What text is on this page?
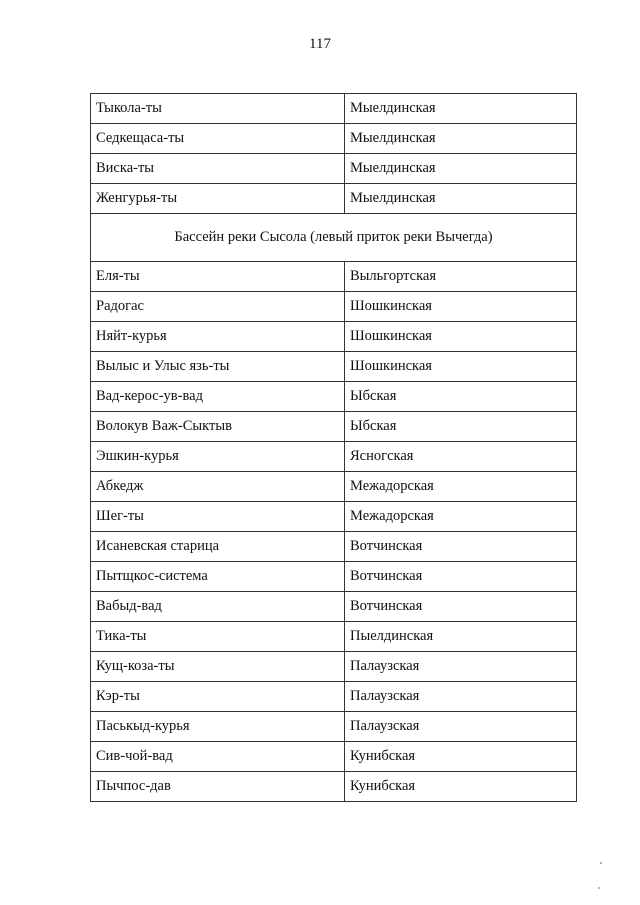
117
Тыкола-ты	Мыелдинская
Седкещаса-ты	Мыелдинская
Виска-ты	Мыелдинская
Женгурья-ты	Мыелдинская
Бассейн реки Сысола (левый приток реки Вычегда)	
Еля-ты	Выльгортская
Радогас	Шошкинская
Няйт-курья	Шошкинская
Вылыс и Улыс язь-ты	Шошкинская
Вад-керос-ув-вад	Ыбская
Волокув Важ-Сыктыв	Ыбская
Эшкин-курья	Ясногская
Абкедж	Межадорская
Шег-ты	Межадорская
Исаневская старица	Вотчинская
Пытщкос-система	Вотчинская
Вабыд-вад	Вотчинская
Тика-ты	Пыелдинская
Кущ-коза-ты	Палаузская
Кэр-ты	Палаузская
Паськыд-курья	Палаузская
Сив-чой-вад	Кунибская
Пычпос-дав	Кунибская
